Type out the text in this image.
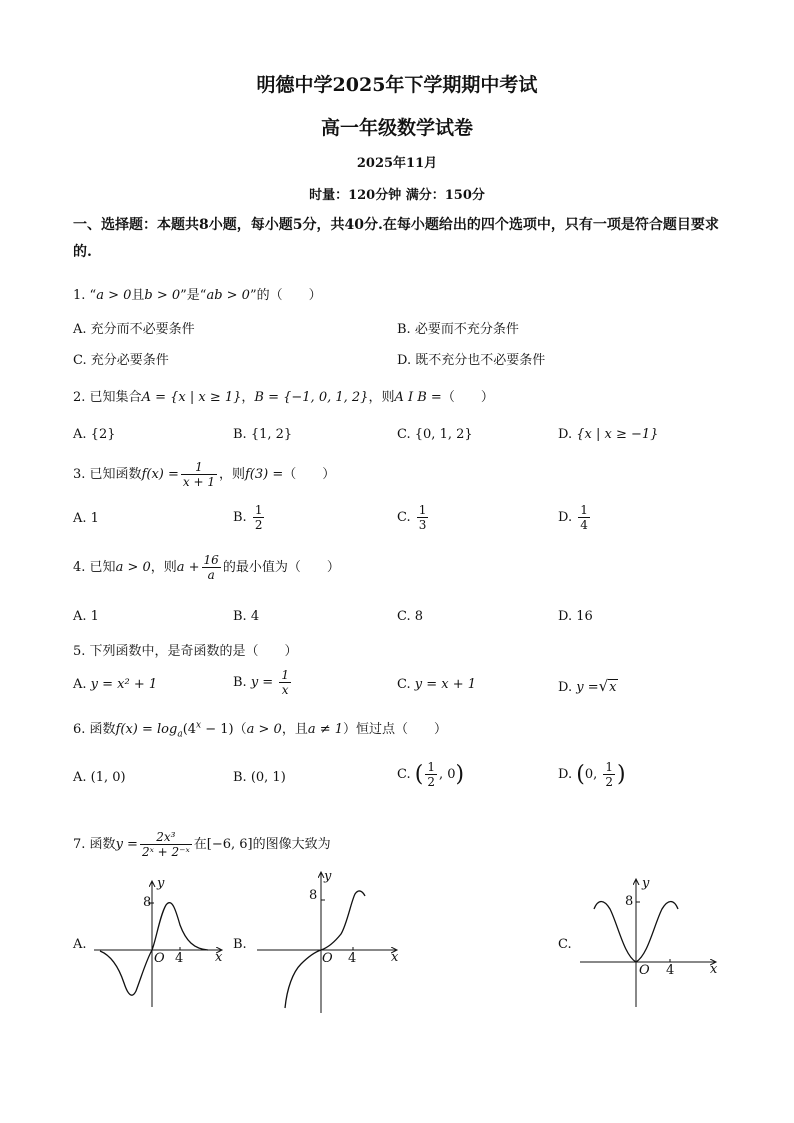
明德中学2025年下学期期中考试
高一年级数学试卷
2025年11月
时量：120分钟 满分：150分
一、选择题：本题共8小题，每小题5分，共40分.在每小题给出的四个选项中，只有一项是符合题目要求的.
1. “a > 0且b > 0”是“ab > 0”的（　　）
A. 充分而不必要条件	B. 必要而不充分条件
C. 充分必要条件	D. 既不充分也不必要条件
2. 已知集合A = {x | x ≥ 1}，B = {−1, 0, 1, 2}，则A I B =（　　）
A. {2}	B. {1, 2}	C. {0, 1, 2}	D. {x | x ≥ −1}
3. 已知函数$f(x) = \frac{1}{x + 1}$ ，则f(3) =（　　）
A. 1	B. $\frac{1}{2}$	C. $\frac{1}{3}$	D. $\frac{1}{4}$
4. 已知a > 0，则$a + \frac{16}{a}$ 的最小值为（　　）
A. 1	B. 4	C. 8	D. 16
5. 下列函数中，是奇函数的是（　　）
A. y = x² + 1	B. $y = \frac{1}{x}$	C. y = x + 1	D. y =√x
6. 函数$f(x) = \log_a(4^x - 1)(a > 0$，且a ≠ 1）恒过点（　　）
A. (1, 0)	B. (0, 1)	C. ( $\frac{1}{2}$ , 0)	D. (0, $\frac{1}{2}$ )
7. 函数$y = \frac{\text{2x³}}{\text{2ˣ + 2⁻ˣ}}$ 在[−6, 6]的图像大致为
A.	B.	C.
y
8
O 4 x
y
8
O 4	x
y
8
O 4	x
